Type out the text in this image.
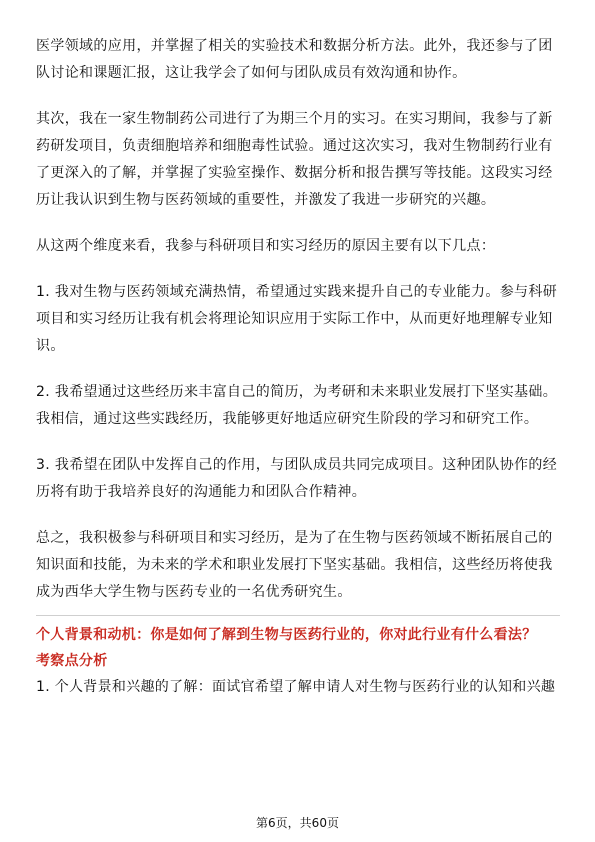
医学领域的应用，并掌握了相关的实验技术和数据分析方法。此外，我还参与了团队讨论和课题汇报，这让我学会了如何与团队成员有效沟通和协作。

其次，我在一家生物制药公司进行了为期三个月的实习。在实习期间，我参与了新药研发项目，负责细胞培养和细胞毒性试验。通过这次实习，我对生物制药行业有了更深入的了解，并掌握了实验室操作、数据分析和报告撰写等技能。这段实习经历让我认识到生物与医药领域的重要性，并激发了我进一步研究的兴趣。

从这两个维度来看，我参与科研项目和实习经历的原因主要有以下几点：

1. 我对生物与医药领域充满热情，希望通过实践来提升自己的专业能力。参与科研项目和实习经历让我有机会将理论知识应用于实际工作中，从而更好地理解专业知识。

2. 我希望通过这些经历来丰富自己的简历，为考研和未来职业发展打下坚实基础。我相信，通过这些实践经历，我能够更好地适应研究生阶段的学习和研究工作。

3. 我希望在团队中发挥自己的作用，与团队成员共同完成项目。这种团队协作的经历将有助于我培养良好的沟通能力和团队合作精神。

总之，我积极参与科研项目和实习经历，是为了在生物与医药领域不断拓展自己的知识面和技能，为未来的学术和职业发展打下坚实基础。我相信，这些经历将使我成为西华大学生物与医药专业的一名优秀研究生。

个人背景和动机：你是如何了解到生物与医药行业的，你对此行业有什么看法？
考察点分析
1. 个人背景和兴趣的了解：面试官希望了解申请人对生物与医药行业的认知和兴趣
第6页，共60页
